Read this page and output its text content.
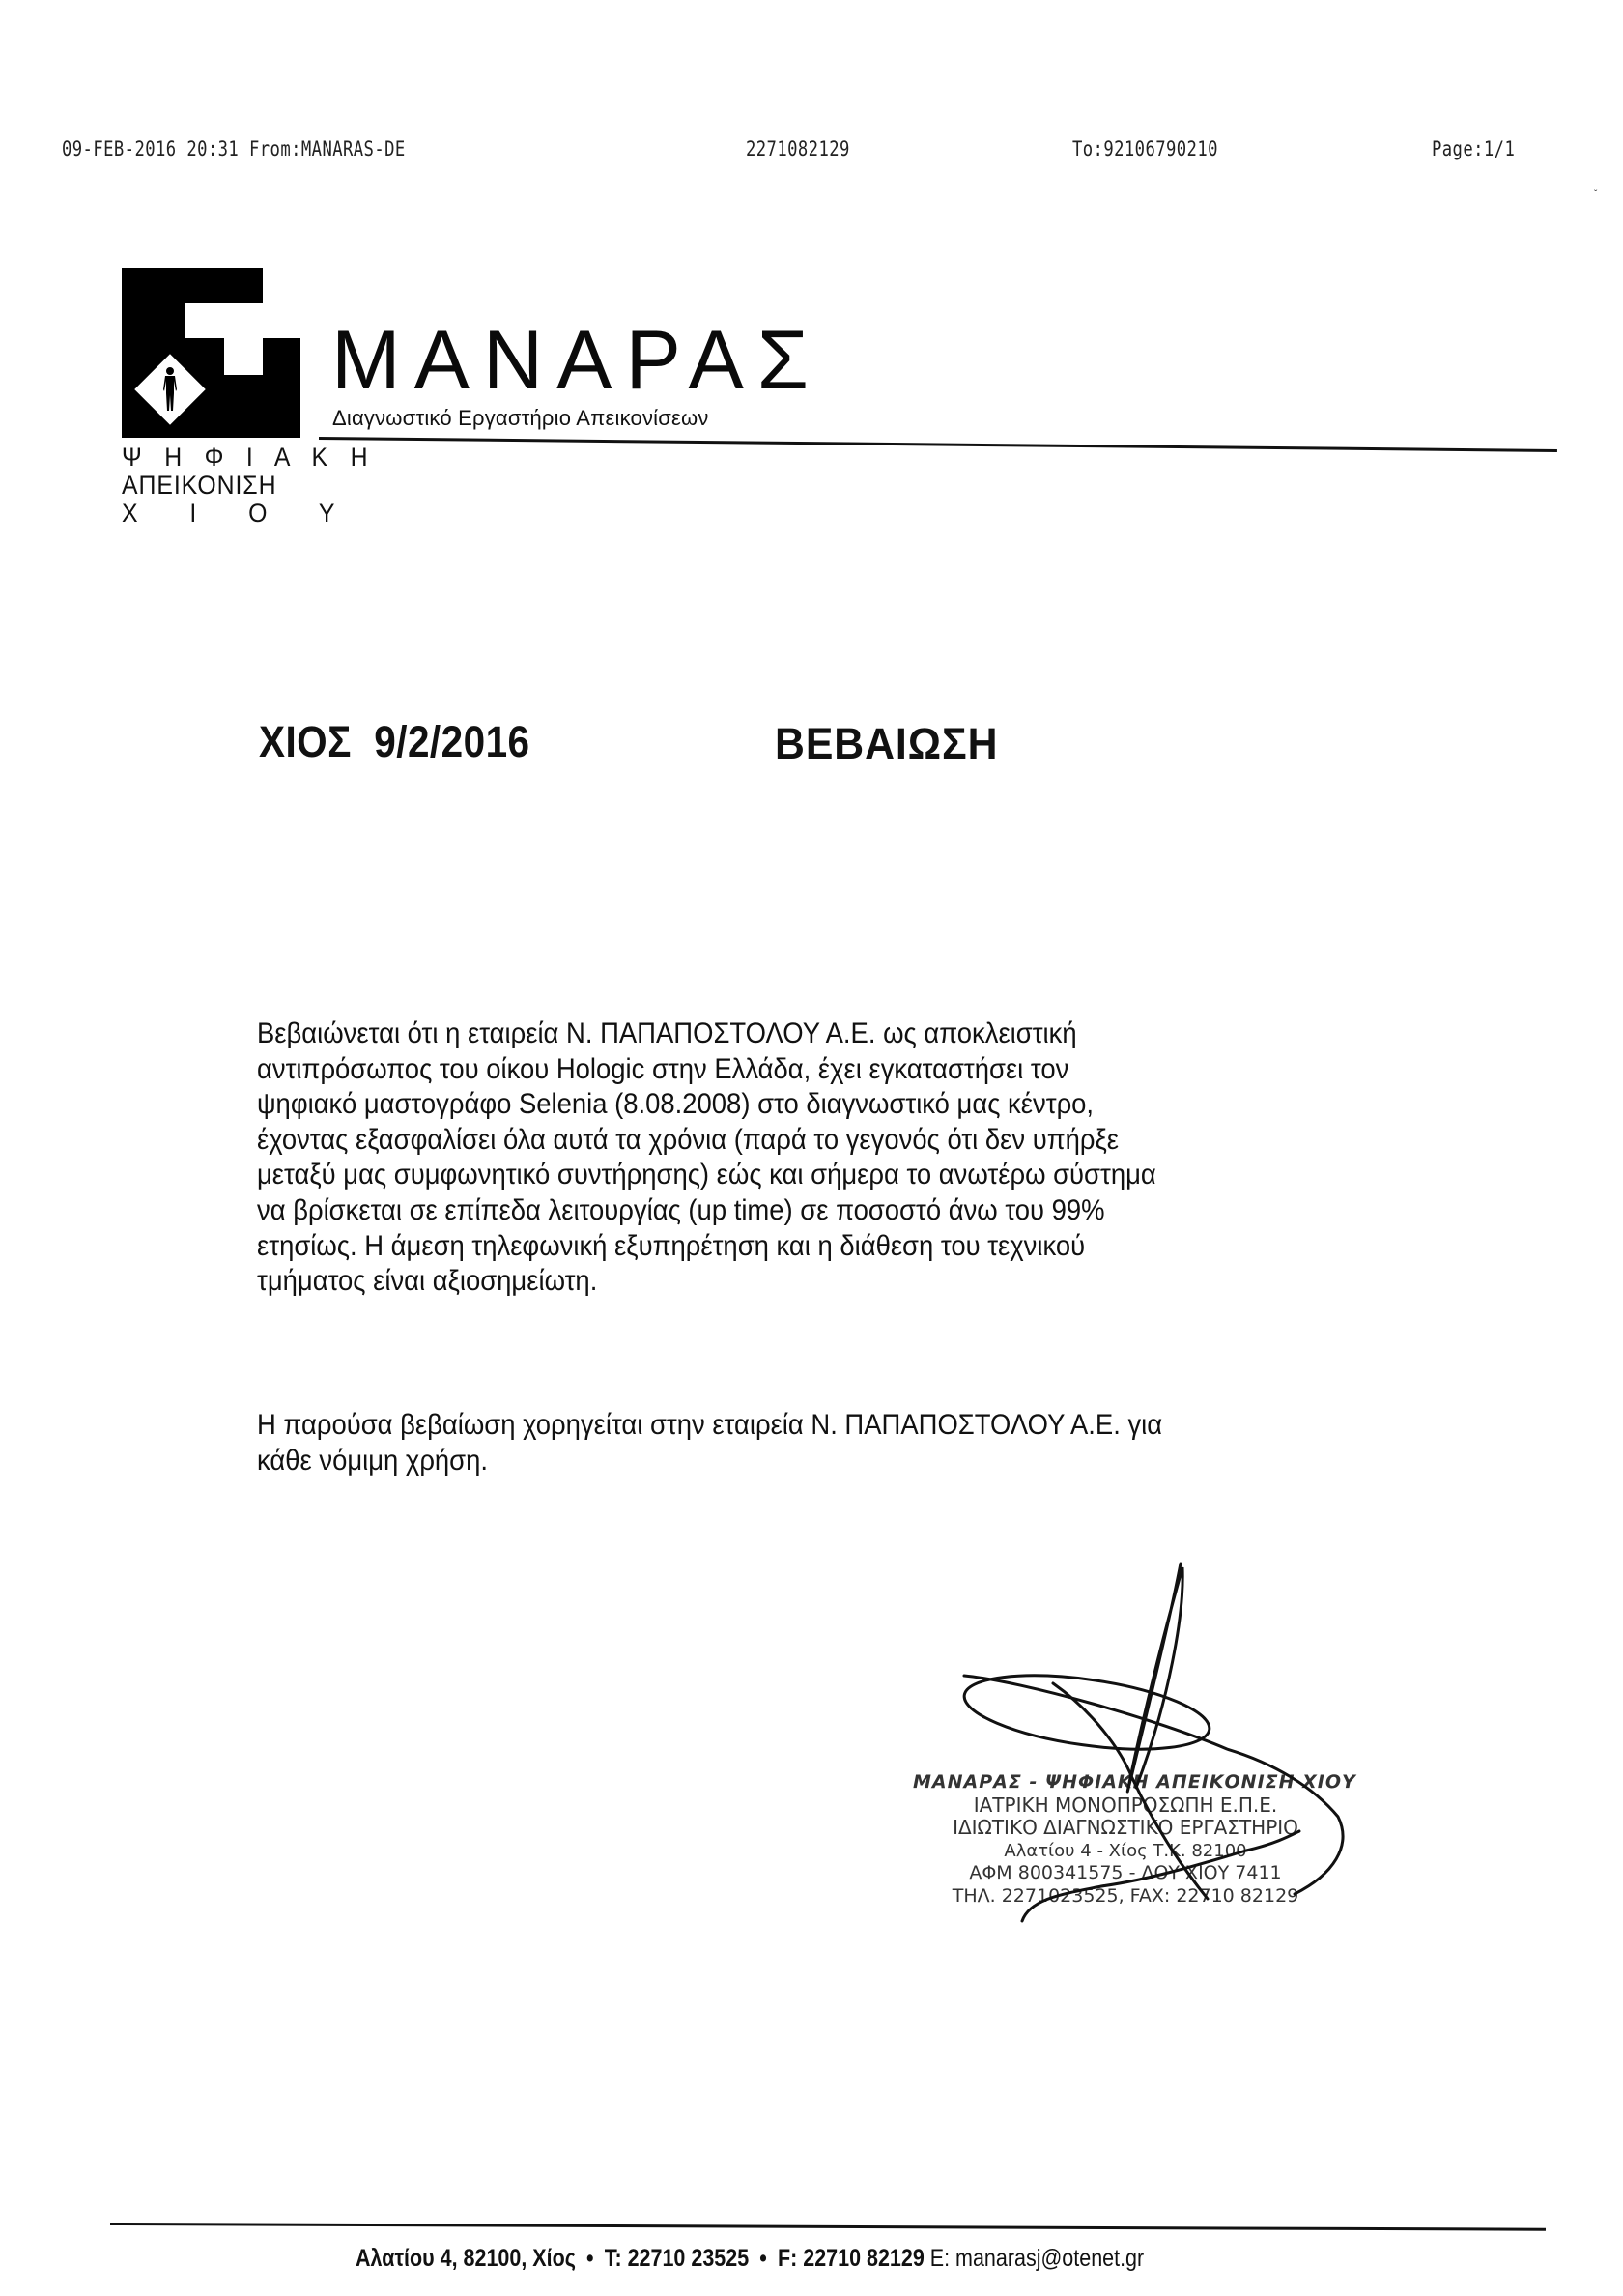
09-FEB-2016 20:31 From:MANARAS-DE	2271082129	To:92106790210	Page:1/1
ˇ
Ψ Η Φ Ι Α Κ Η
ΑΠΕΙΚΟΝΙΣΗ
Χ   Ι   Ο   Υ
ΜΑΝΑΡΑΣ
Διαγνωστικό Εργαστήριο Απεικονίσεων
ΧΙΟΣ  9/2/2016	ΒΕΒΑΙΩΣΗ
Βεβαιώνεται ότι η εταιρεία Ν. ΠΑΠΑΠΟΣΤΟΛΟΥ Α.Ε. ως αποκλειστική
αντιπρόσωπος του οίκου Hologic στην Ελλάδα, έχει εγκαταστήσει τον
ψηφιακό μαστογράφο Selenia (8.08.2008) στο διαγνωστικό μας κέντρο,
έχοντας εξασφαλίσει όλα αυτά τα χρόνια (παρά το γεγονός ότι δεν υπήρξε
μεταξύ μας συμφωνητικό συντήρησης) εώς και σήμερα το ανωτέρω σύστημα
να βρίσκεται σε επίπεδα λειτουργίας (up time) σε ποσοστό άνω του 99%
ετησίως. Η άμεση τηλεφωνική εξυπηρέτηση και η διάθεση του τεχνικού
τμήματος είναι αξιοσημείωτη.
Η παρούσα βεβαίωση χορηγείται στην εταιρεία Ν. ΠΑΠΑΠΟΣΤΟΛΟΥ Α.Ε. για
κάθε νόμιμη χρήση.
ΜΑΝΑΡΑΣ - ΨΗΦΙΑΚΗ ΑΠΕΙΚΟΝΙΣΗ ΧΙΟΥ
ΙΑΤΡΙΚΗ ΜΟΝΟΠΡΟΣΩΠΗ Ε.Π.Ε.
ΙΔΙΩΤΙΚΟ ΔΙΑΓΝΩΣΤΙΚΟ ΕΡΓΑΣΤΗΡΙΟ
Αλατίου 4 - Χίος Τ.Κ. 82100
ΑΦΜ 800341575 - ΔΟΥ ΧΙΟΥ 7411
ΤΗΛ. 2271023525, FAX: 22710 82129
Αλατίου 4, 82100, Χίος • T: 22710 23525 • F: 22710 82129 E: manarasj@otenet.gr
